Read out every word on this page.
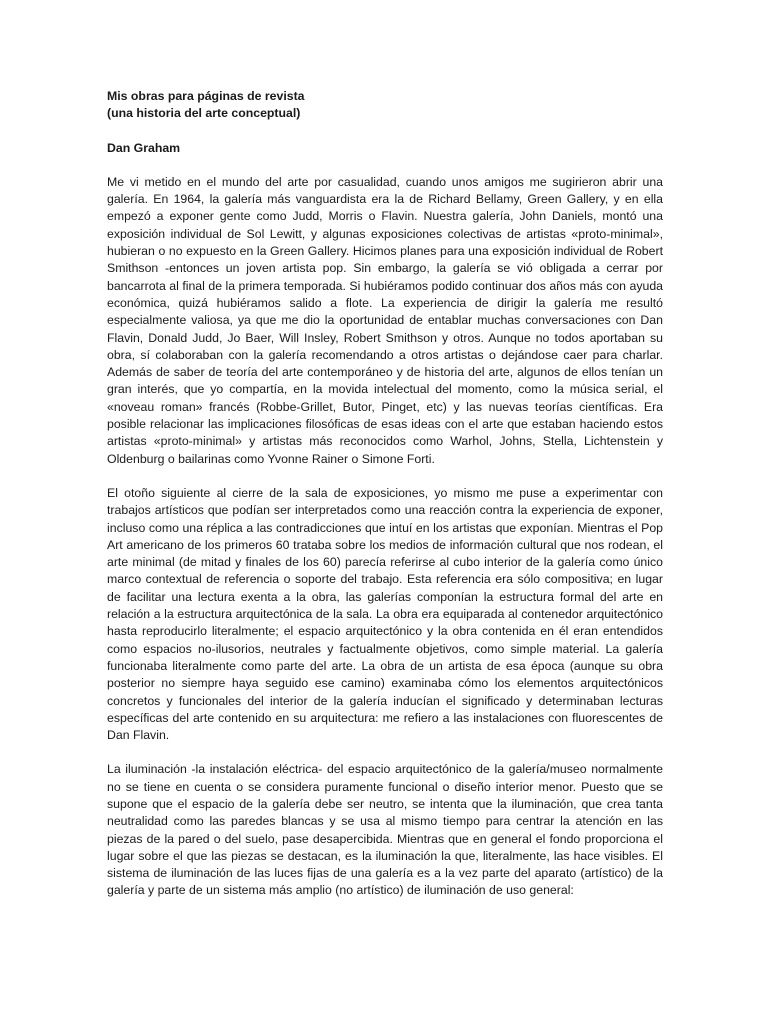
Mis obras para páginas de revista
(una historia del arte conceptual)
Dan Graham

Me vi metido en el mundo del arte por casualidad, cuando unos amigos me sugirieron abrir una galería. En 1964, la galería más vanguardista era la de Richard Bellamy, Green Gallery, y en ella empezó a exponer gente como Judd, Morris o Flavin. Nuestra galería, John Daniels, montó una exposición individual de Sol Lewitt, y algunas exposiciones colectivas de artistas «proto-minimal», hubieran o no expuesto en la Green Gallery. Hicimos planes para una exposición individual de Robert Smithson -entonces un joven artista pop. Sin embargo, la galería se vió obligada a cerrar por bancarrota al final de la primera temporada. Si hubiéramos podido continuar dos años más con ayuda económica, quizá hubiéramos salido a flote. La experiencia de dirigir la galería me resultó especialmente valiosa, ya que me dio la oportunidad de entablar muchas conversaciones con Dan Flavin, Donald Judd, Jo Baer, Will Insley, Robert Smithson y otros. Aunque no todos aportaban su obra, sí colaboraban con la galería recomendando a otros artistas o dejándose caer para charlar. Además de saber de teoría del arte contemporáneo y de historia del arte, algunos de ellos tenían un gran interés, que yo compartía, en la movida intelectual del momento, como la música serial, el «noveau roman» francés (Robbe-Grillet, Butor, Pinget, etc) y las nuevas teorías científicas. Era posible relacionar las implicaciones filosóficas de esas ideas con el arte que estaban haciendo estos artistas «proto-minimal» y artistas más reconocidos como Warhol, Johns, Stella, Lichtenstein y Oldenburg o bailarinas como Yvonne Rainer o Simone Forti.

El otoño siguiente al cierre de la sala de exposiciones, yo mismo me puse a experimentar con trabajos artísticos que podían ser interpretados como una reacción contra la experiencia de exponer, incluso como una réplica a las contradicciones que intuí en los artistas que exponían. Mientras el Pop Art americano de los primeros 60 trataba sobre los medios de información cultural que nos rodean, el arte minimal (de mitad y finales de los 60) parecía referirse al cubo interior de la galería como único marco contextual de referencia o soporte del trabajo. Esta referencia era sólo compositiva; en lugar de facilitar una lectura exenta a la obra, las galerías componían la estructura formal del arte en relación a la estructura arquitectónica de la sala. La obra era equiparada al contenedor arquitectónico hasta reproducirlo literalmente; el espacio arquitectónico y la obra contenida en él eran entendidos como espacios no-ilusorios, neutrales y factualmente objetivos, como simple material. La galería funcionaba literalmente como parte del arte. La obra de un artista de esa época (aunque su obra posterior no siempre haya seguido ese camino) examinaba cómo los elementos arquitectónicos concretos y funcionales del interior de la galería inducían el significado y determinaban lecturas específicas del arte contenido en su arquitectura: me refiero a las instalaciones con fluorescentes de Dan Flavin.

La iluminación -la instalación eléctrica- del espacio arquitectónico de la galería/museo normalmente no se tiene en cuenta o se considera puramente funcional o diseño interior menor. Puesto que se supone que el espacio de la galería debe ser neutro, se intenta que la iluminación, que crea tanta neutralidad como las paredes blancas y se usa al mismo tiempo para centrar la atención en las piezas de la pared o del suelo, pase desapercibida. Mientras que en general el fondo proporciona el lugar sobre el que las piezas se destacan, es la iluminación la que, literalmente, las hace visibles. El sistema de iluminación de las luces fijas de una galería es a la vez parte del aparato (artístico) de la galería y parte de un sistema más amplio (no artístico) de iluminación de uso general:
